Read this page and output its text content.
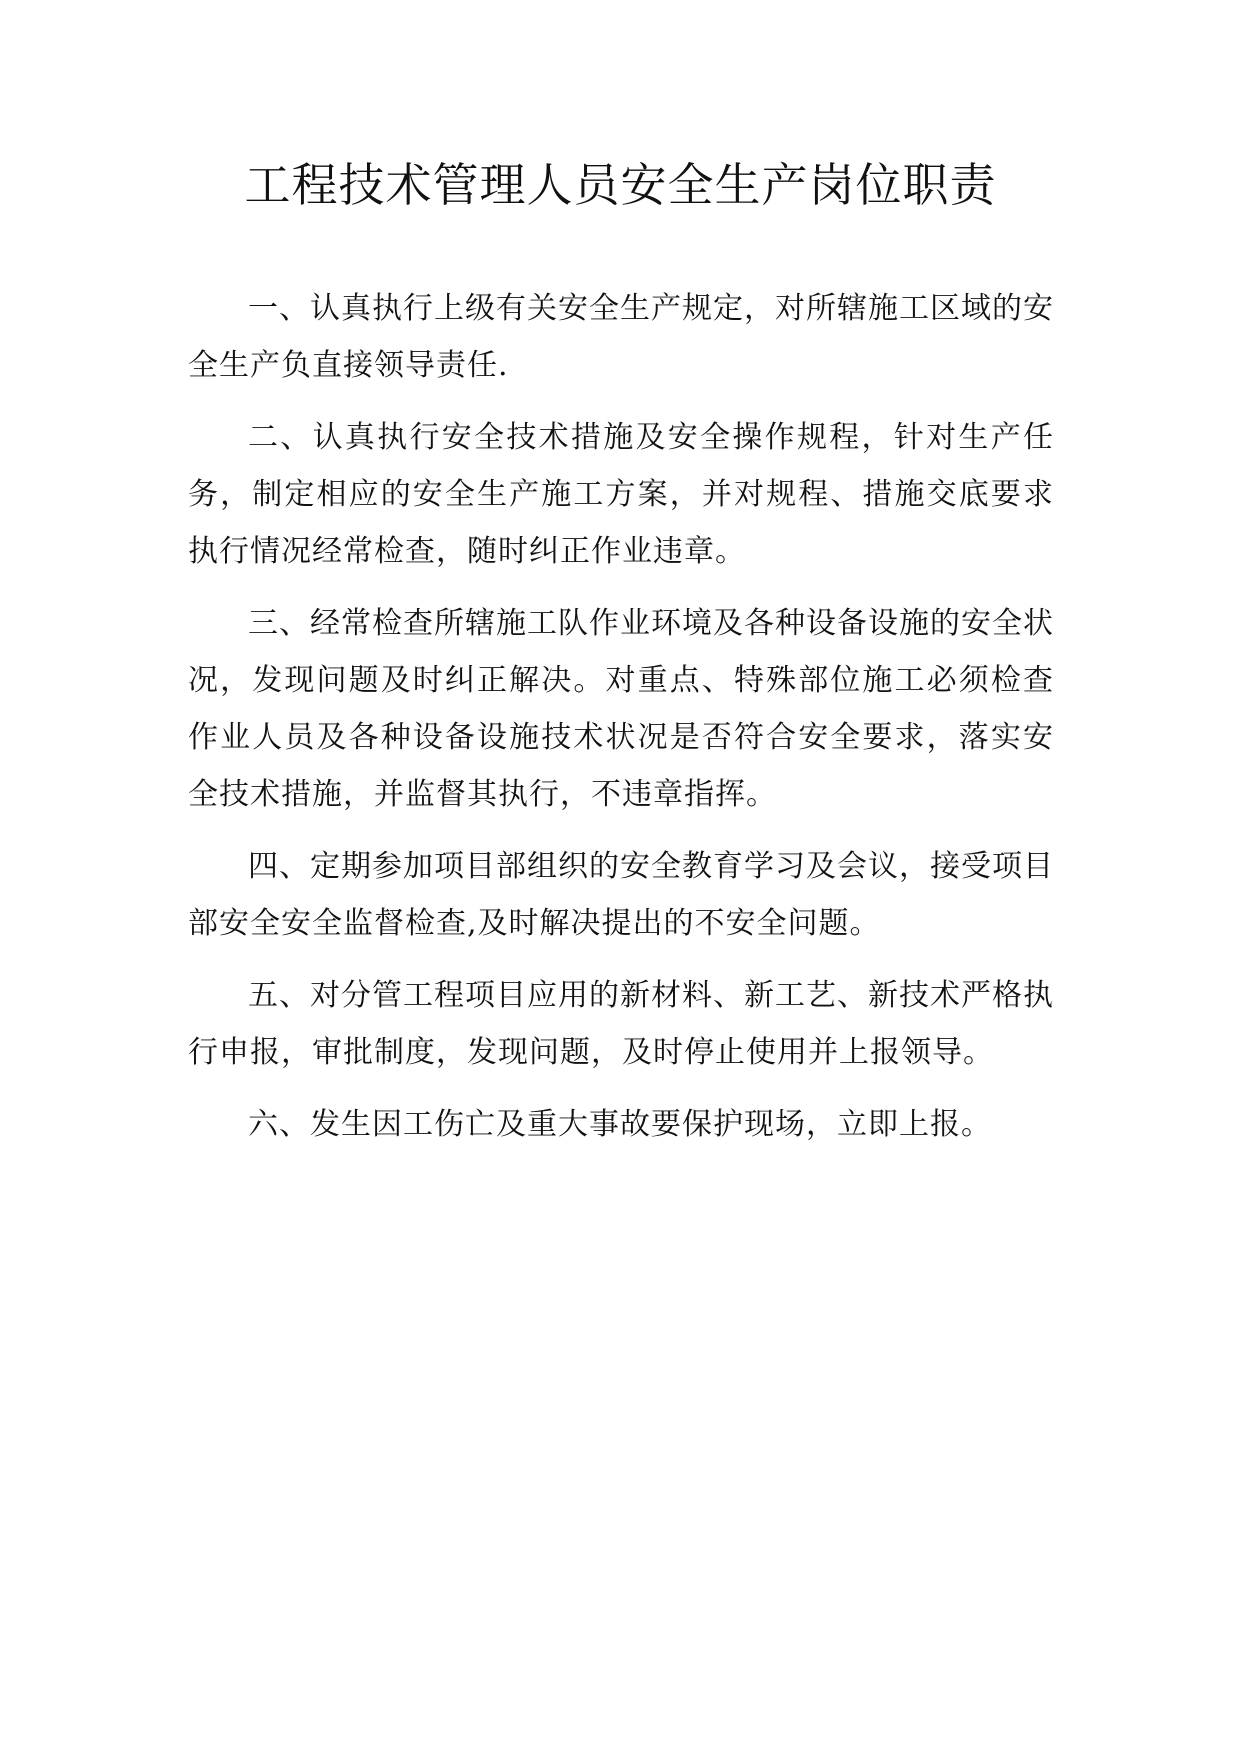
工程技术管理人员安全生产岗位职责

一、认真执行上级有关安全生产规定，对所辖施工区域的安全生产负直接领导责任.

二、认真执行安全技术措施及安全操作规程，针对生产任务，制定相应的安全生产施工方案，并对规程、措施交底要求执行情况经常检查，随时纠正作业违章。

三、经常检查所辖施工队作业环境及各种设备设施的安全状况，发现问题及时纠正解决。对重点、特殊部位施工必须检查作业人员及各种设备设施技术状况是否符合安全要求，落实安全技术措施，并监督其执行，不违章指挥。

四、定期参加项目部组织的安全教育学习及会议，接受项目部安全安全监督检查,及时解决提出的不安全问题。

五、对分管工程项目应用的新材料、新工艺、新技术严格执行申报，审批制度，发现问题，及时停止使用并上报领导。

六、发生因工伤亡及重大事故要保护现场，立即上报。
